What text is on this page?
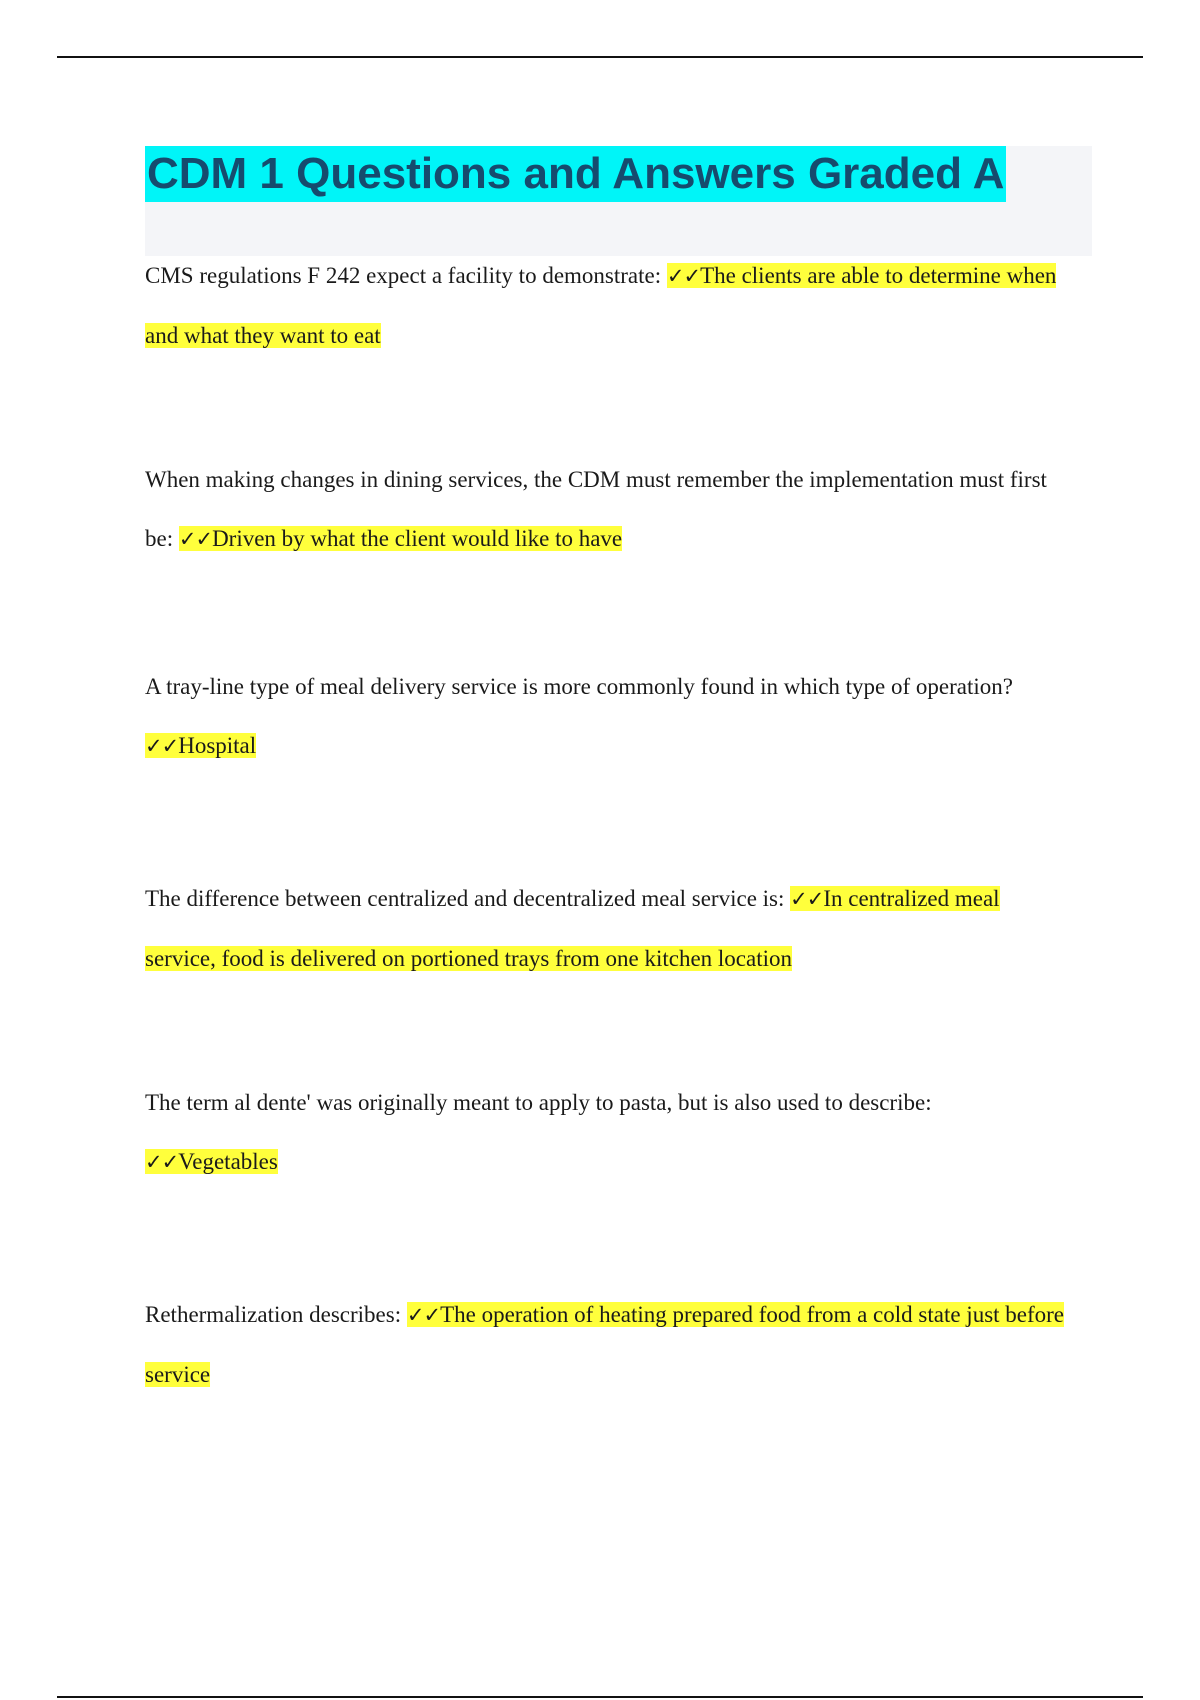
CDM 1 Questions and Answers Graded A

CMS regulations F 242 expect a facility to demonstrate: ✓✓The clients are able to determine when and what they want to eat

When making changes in dining services, the CDM must remember the implementation must first be: ✓✓Driven by what the client would like to have

A tray-line type of meal delivery service is more commonly found in which type of operation? ✓✓Hospital

The difference between centralized and decentralized meal service is: ✓✓In centralized meal service, food is delivered on portioned trays from one kitchen location

The term al dente' was originally meant to apply to pasta, but is also used to describe: ✓✓Vegetables

Rethermalization describes: ✓✓The operation of heating prepared food from a cold state just before service
